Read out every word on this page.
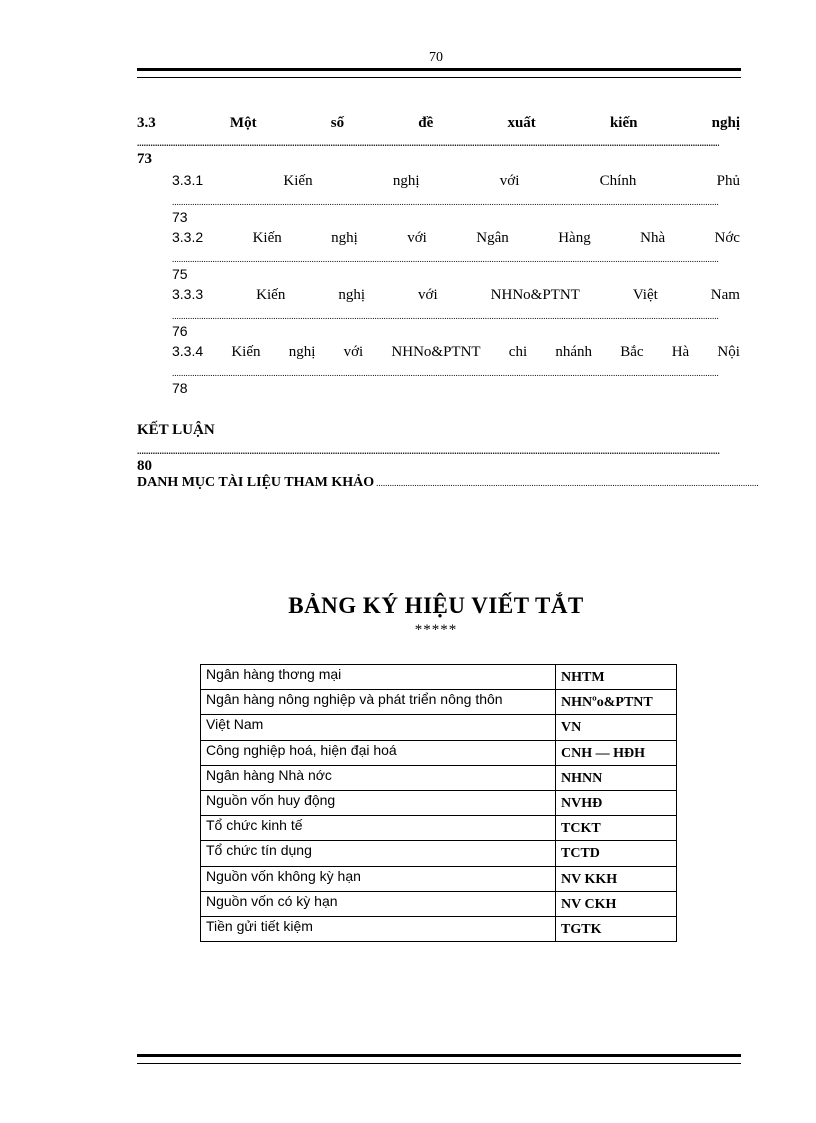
70
3.3	Một	số	đề	xuất	kiến	nghị
.....
73
3.3.1	Kiến	nghị	với	Chính	Phủ
.....
73
3.3.2	Kiến	nghị	với	Ngân	Hàng	Nhà	Nớc
.....
75
3.3.3	Kiến	nghị	với	NHNo&PTNT	Việt	Nam
.....
76
3.3.4 Kiến nghị với NHNo&PTNT chi nhánh Bắc Hà Nội
.....
78
KẾT LUẬN
.....
80
DANH MỤC TÀI LIỆU THAM KHẢO
.....
BẢNG KÝ HIỆU VIẾT TẮT
*****
Ngân hàng thơng mại	NHTM
Ngân hàng nông nghiệp và phát triển nông thôn	NHNºo&PTNT
Việt Nam	VN
Công nghiệp hoá, hiện đại hoá	CNH — HĐH
Ngân hàng Nhà nớc	NHNN
Nguồn vốn huy động	NVHĐ
Tổ chức kinh tế	TCKT
Tổ chức tín dụng	TCTD
Nguồn vốn không kỳ hạn	NV KKH
Nguồn vốn có kỳ hạn	NV CKH
Tiền gửi tiết kiệm	TGTK
